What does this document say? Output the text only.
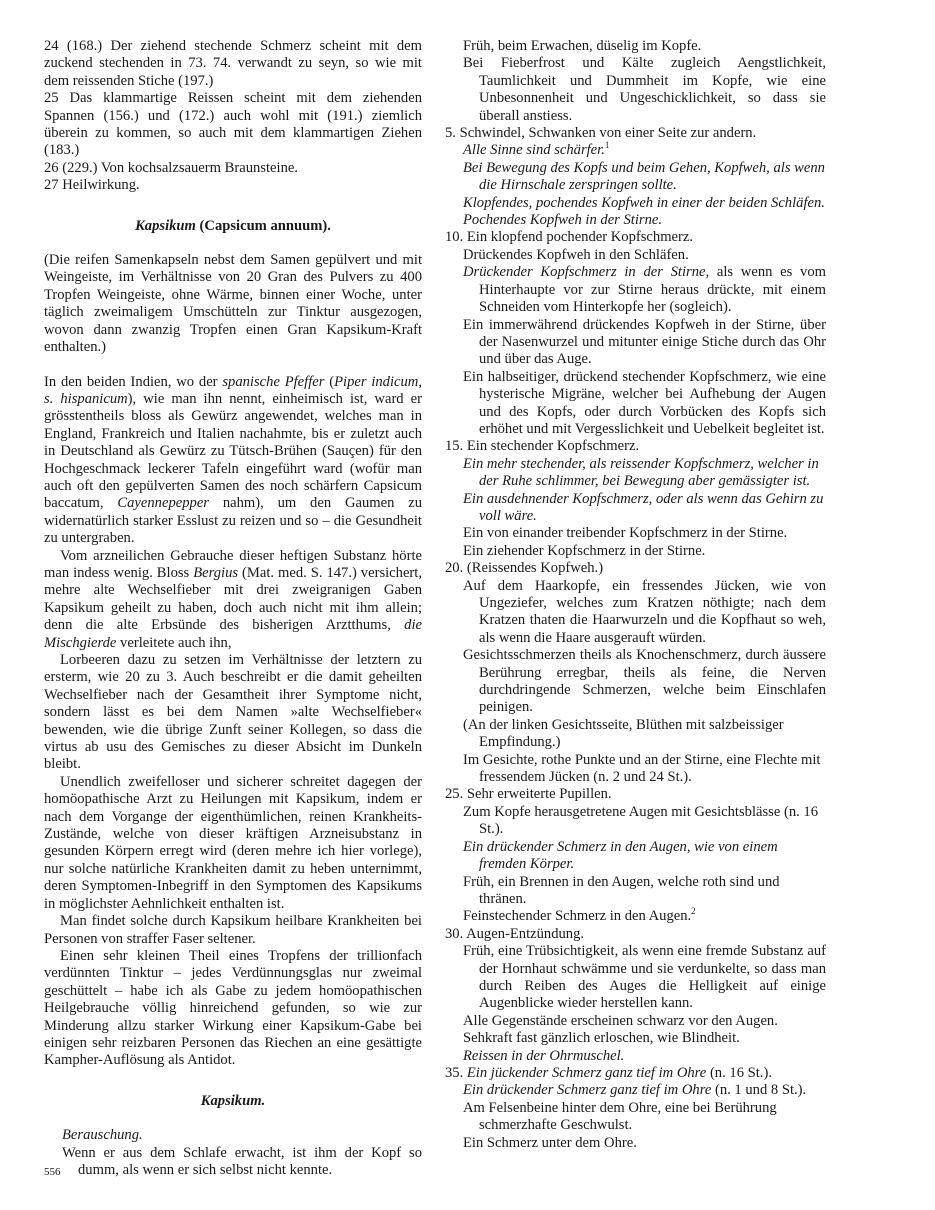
24 (168.) Der ziehend stechende Schmerz scheint mit dem zuckend stechenden in 73. 74. verwandt zu seyn, so wie mit dem reissenden Stiche (197.)

25 Das klammartige Reissen scheint mit dem ziehenden Spannen (156.) und (172.) auch wohl mit (191.) ziemlich überein zu kommen, so auch mit dem klammartigen Ziehen (183.)

26 (229.) Von kochsalzsauerm Braunsteine.

27 Heilwirkung.

Kapsikum (Capsicum annuum).

(Die reifen Samenkapseln nebst dem Samen gepülvert und mit Weingeiste, im Verhältnisse von 20 Gran des Pulvers zu 400 Tropfen Weingeiste, ohne Wärme, binnen einer Woche, unter täglich zweimaligem Umschütteln zur Tinktur ausgezogen, wovon dann zwanzig Tropfen einen Gran Kapsikum-Kraft enthalten.)

In den beiden Indien, wo der spanische Pfeffer (Piper indicum, s. hispanicum), wie man ihn nennt, einheimisch ist, ward er grösstentheils bloss als Gewürz angewendet, welches man in England, Frankreich und Italien nachahmte, bis er zuletzt auch in Deutschland als Gewürz zu Tütsch-Brühen (Sauçen) für den Hochgeschmack leckerer Tafeln eingeführt ward (wofür man auch oft den gepülverten Samen des noch schärfern Capsicum baccatum, Cayennepepper nahm), um den Gaumen zu widernatürlich starker Esslust zu reizen und so – die Gesundheit zu untergraben.

Vom arzneilichen Gebrauche dieser heftigen Substanz hörte man indess wenig. Bloss Bergius (Mat. med. S. 147.) versichert, mehre alte Wechselfieber mit drei zweigranigen Gaben Kapsikum geheilt zu haben, doch auch nicht mit ihm allein; denn die alte Erbsünde des bisherigen Arztthums, die Mischgierde verleitete auch ihn,

Lorbeeren dazu zu setzen im Verhältnisse der letztern zu ersterm, wie 20 zu 3. Auch beschreibt er die damit geheilten Wechselfieber nach der Gesamtheit ihrer Symptome nicht, sondern lässt es bei dem Namen »alte Wechselfieber« bewenden, wie die übrige Zunft seiner Kollegen, so dass die virtus ab usu des Gemisches zu dieser Absicht im Dunkeln bleibt.

Unendlich zweifelloser und sicherer schreitet dagegen der homöopathische Arzt zu Heilungen mit Kapsikum, indem er nach dem Vorgange der eigenthümlichen, reinen Krankheits-Zustände, welche von dieser kräftigen Arzneisubstanz in gesunden Körpern erregt wird (deren mehre ich hier vorlege), nur solche natürliche Krankheiten damit zu heben unternimmt, deren Symptomen-Inbegriff in den Symptomen des Kapsikums in möglichster Aehnlichkeit enthalten ist.

Man findet solche durch Kapsikum heilbare Krankheiten bei Personen von straffer Faser seltener.

Einen sehr kleinen Theil eines Tropfens der trillionfach verdünnten Tinktur – jedes Verdünnungsglas nur zweimal geschüttelt – habe ich als Gabe zu jedem homöopathischen Heilgebrauche völlig hinreichend gefunden, so wie zur Minderung allzu starker Wirkung einer Kapsikum-Gabe bei einigen sehr reizbaren Personen das Riechen an eine gesättigte Kampher-Auflösung als Antidot.

Kapsikum.

Berauschung.

Wenn er aus dem Schlafe erwacht, ist ihm der Kopf so dumm, als wenn er sich selbst nicht kennte.

Früh, beim Erwachen, düselig im Kopfe.

Bei Fieberfrost und Kälte zugleich Aengstlichkeit, Taumlichkeit und Dummheit im Kopfe, wie eine Unbesonnenheit und Ungeschicklichkeit, so dass sie überall anstiess.

5. Schwindel, Schwanken von einer Seite zur andern.

Alle Sinne sind schärfer.$^1$

Bei Bewegung des Kopfs und beim Gehen, Kopfweh, als wenn die Hirnschale zerspringen sollte.

Klopfendes, pochendes Kopfweh in einer der beiden Schläfen.

Pochendes Kopfweh in der Stirne.

10. Ein klopfend pochender Kopfschmerz.

Drückendes Kopfweh in den Schläfen.

Drückender Kopfschmerz in der Stirne, als wenn es vom Hinterhaupte vor zur Stirne heraus drückte, mit einem Schneiden vom Hinterkopfe her (sogleich).

Ein immerwährend drückendes Kopfweh in der Stirne, über der Nasenwurzel und mitunter einige Stiche durch das Ohr und über das Auge.

Ein halbseitiger, drückend stechender Kopfschmerz, wie eine hysterische Migräne, welcher bei Aufhebung der Augen und des Kopfs, oder durch Vorbücken des Kopfs sich erhöhet und mit Vergesslichkeit und Uebelkeit begleitet ist.

15. Ein stechender Kopfschmerz.

Ein mehr stechender, als reissender Kopfschmerz, welcher in der Ruhe schlimmer, bei Bewegung aber gemässigter ist.

Ein ausdehnender Kopfschmerz, oder als wenn das Gehirn zu voll wäre.

Ein von einander treibender Kopfschmerz in der Stirne.

Ein ziehender Kopfschmerz in der Stirne.

20. (Reissendes Kopfweh.)

Auf dem Haarkopfe, ein fressendes Jücken, wie von Ungeziefer, welches zum Kratzen nöthigte; nach dem Kratzen thaten die Haarwurzeln und die Kopfhaut so weh, als wenn die Haare ausgerauft würden.

Gesichtsschmerzen theils als Knochenschmerz, durch äussere Berührung erregbar, theils als feine, die Nerven durchdringende Schmerzen, welche beim Einschlafen peinigen.

(An der linken Gesichtsseite, Blüthen mit salzbeissiger Empfindung.)

Im Gesichte, rothe Punkte und an der Stirne, eine Flechte mit fressendem Jücken (n. 2 und 24 St.).

25. Sehr erweiterte Pupillen.

Zum Kopfe herausgetretene Augen mit Gesichtsblässe (n. 16 St.).

Ein drückender Schmerz in den Augen, wie von einem fremden Körper.

Früh, ein Brennen in den Augen, welche roth sind und thränen.

Feinstechender Schmerz in den Augen.$^2$

30. Augen-Entzündung.

Früh, eine Trübsichtigkeit, als wenn eine fremde Substanz auf der Hornhaut schwämme und sie verdunkelte, so dass man durch Reiben des Auges die Helligkeit auf einige Augenblicke wieder herstellen kann.

Alle Gegenstände erscheinen schwarz vor den Augen.

Sehkraft fast gänzlich erloschen, wie Blindheit.

Reissen in der Ohrmuschel.

35. Ein jückender Schmerz ganz tief im Ohre (n. 16 St.).

Ein drückender Schmerz ganz tief im Ohre (n. 1 und 8 St.).

Am Felsenbeine hinter dem Ohre, eine bei Berührung schmerzhafte Geschwulst.

Ein Schmerz unter dem Ohre.

556
